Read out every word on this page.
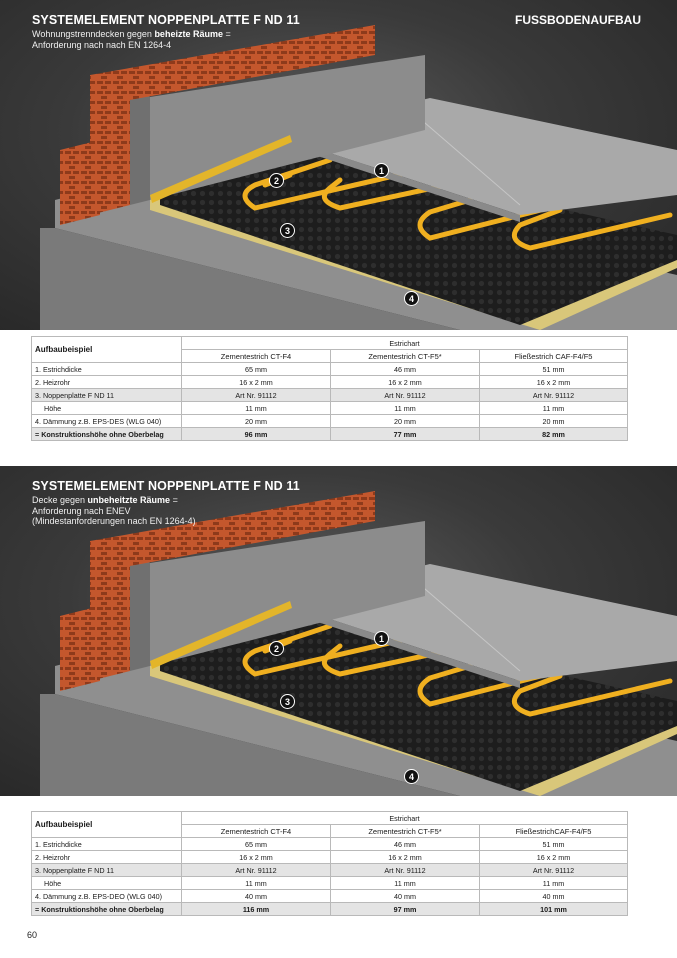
SYSTEMELEMENT NOPPENPLATTE F ND 11
Wohnungstrenndecken gegen beheizte Räume =
Anforderung nach nach EN 1264-4
FUSSBODENAUFBAU
1
2
3
4
Aufbaubeispiel	Estrichart		
	Zementestrich CT-F4	Zementestrich CT-F5*	Fließestrich CAF-F4/F5
1. Estrichdicke	65 mm	46 mm	51 mm
2. Heizrohr	16 x 2 mm	16 x 2 mm	16 x 2 mm
3. Noppenplatte F ND 11	Art Nr. 91112	Art Nr. 91112	Art Nr. 91112
Höhe	11 mm	11 mm	11 mm
4. Dämmung z.B. EPS-DES (WLG 040)	20 mm	20 mm	20 mm
= Konstruktionshöhe ohne Oberbelag	96 mm	77 mm	82 mm
SYSTEMELEMENT NOPPENPLATTE F ND 11
Decke gegen unbeheitzte Räume =
Anforderung nach ENEV
(Mindestanforderungen nach EN 1264-4)
1
2
3
4
Aufbaubeispiel	Estrichart		
	Zementestrich CT-F4	Zementestrich CT-F5*	FließestrichCAF-F4/F5
1. Estrichdicke	65 mm	46 mm	51 mm
2. Heizrohr	16 x 2 mm	16 x 2 mm	16 x 2 mm
3. Noppenplatte F ND 11	Art Nr. 91112	Art Nr. 91112	Art Nr. 91112
Höhe	11 mm	11 mm	11 mm
4. Dämmung z.B. EPS-DEO (WLG 040)	40 mm	40 mm	40 mm
= Konstruktionshöhe ohne Oberbelag	116 mm	97 mm	101 mm
60
